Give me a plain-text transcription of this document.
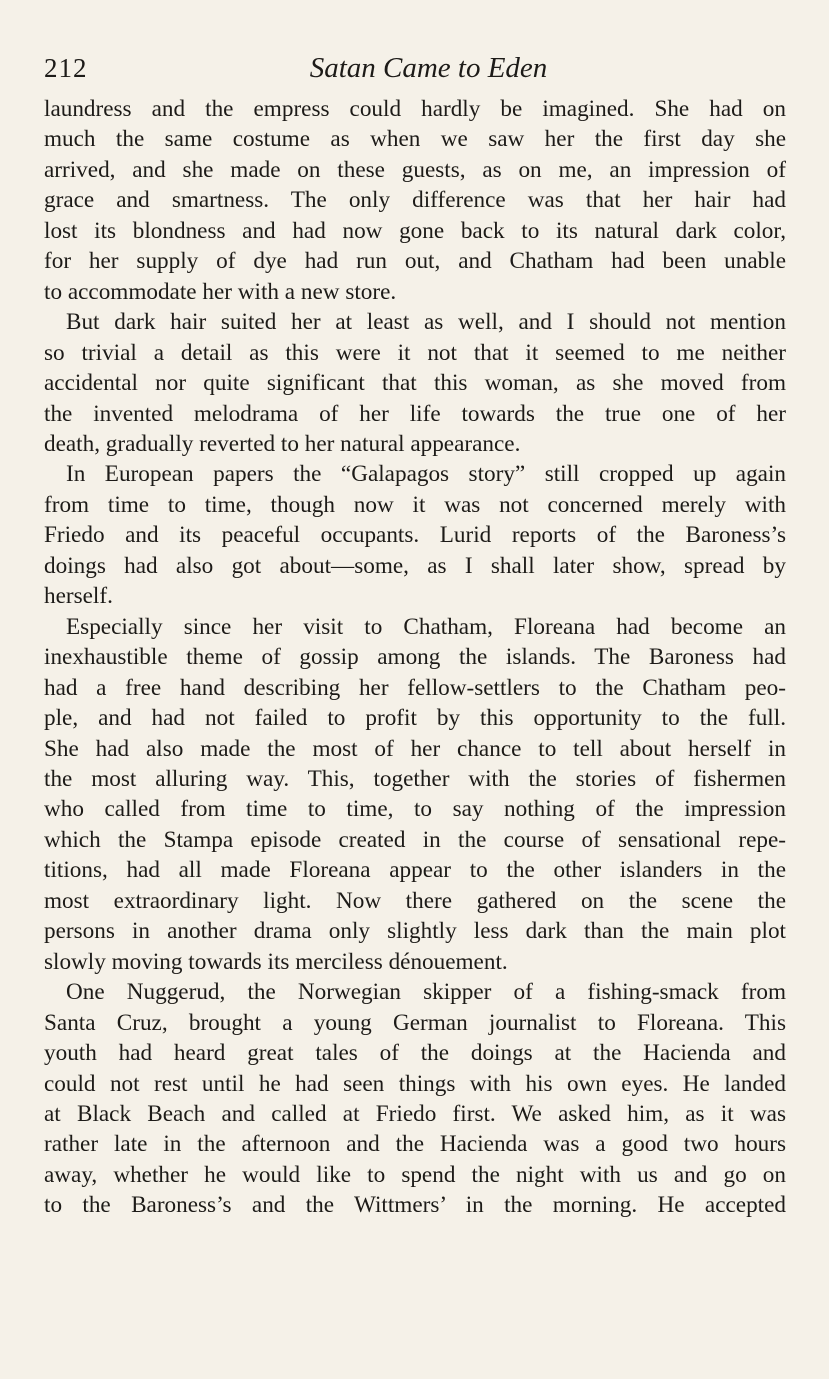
212	Satan Came to Eden
laundress and the empress could hardly be imagined. She had on
much the same costume as when we saw her the first day she
arrived, and she made on these guests, as on me, an impression of
grace and smartness. The only difference was that her hair had
lost its blondness and had now gone back to its natural dark color,
for her supply of dye had run out, and Chatham had been unable
to accommodate her with a new store.
But dark hair suited her at least as well, and I should not mention
so trivial a detail as this were it not that it seemed to me neither
accidental nor quite significant that this woman, as she moved from
the invented melodrama of her life towards the true one of her
death, gradually reverted to her natural appearance.
In European papers the “Galapagos story” still cropped up again
from time to time, though now it was not concerned merely with
Friedo and its peaceful occupants. Lurid reports of the Baroness’s
doings had also got about—some, as I shall later show, spread by
herself.
Especially since her visit to Chatham, Floreana had become an
inexhaustible theme of gossip among the islands. The Baroness had
had a free hand describing her fellow-settlers to the Chatham peo-
ple, and had not failed to profit by this opportunity to the full.
She had also made the most of her chance to tell about herself in
the most alluring way. This, together with the stories of fishermen
who called from time to time, to say nothing of the impression
which the Stampa episode created in the course of sensational repe-
titions, had all made Floreana appear to the other islanders in the
most extraordinary light. Now there gathered on the scene the
persons in another drama only slightly less dark than the main plot
slowly moving towards its merciless dénouement.
One Nuggerud, the Norwegian skipper of a fishing-smack from
Santa Cruz, brought a young German journalist to Floreana. This
youth had heard great tales of the doings at the Hacienda and
could not rest until he had seen things with his own eyes. He landed
at Black Beach and called at Friedo first. We asked him, as it was
rather late in the afternoon and the Hacienda was a good two hours
away, whether he would like to spend the night with us and go on
to the Baroness’s and the Wittmers’ in the morning. He accepted
